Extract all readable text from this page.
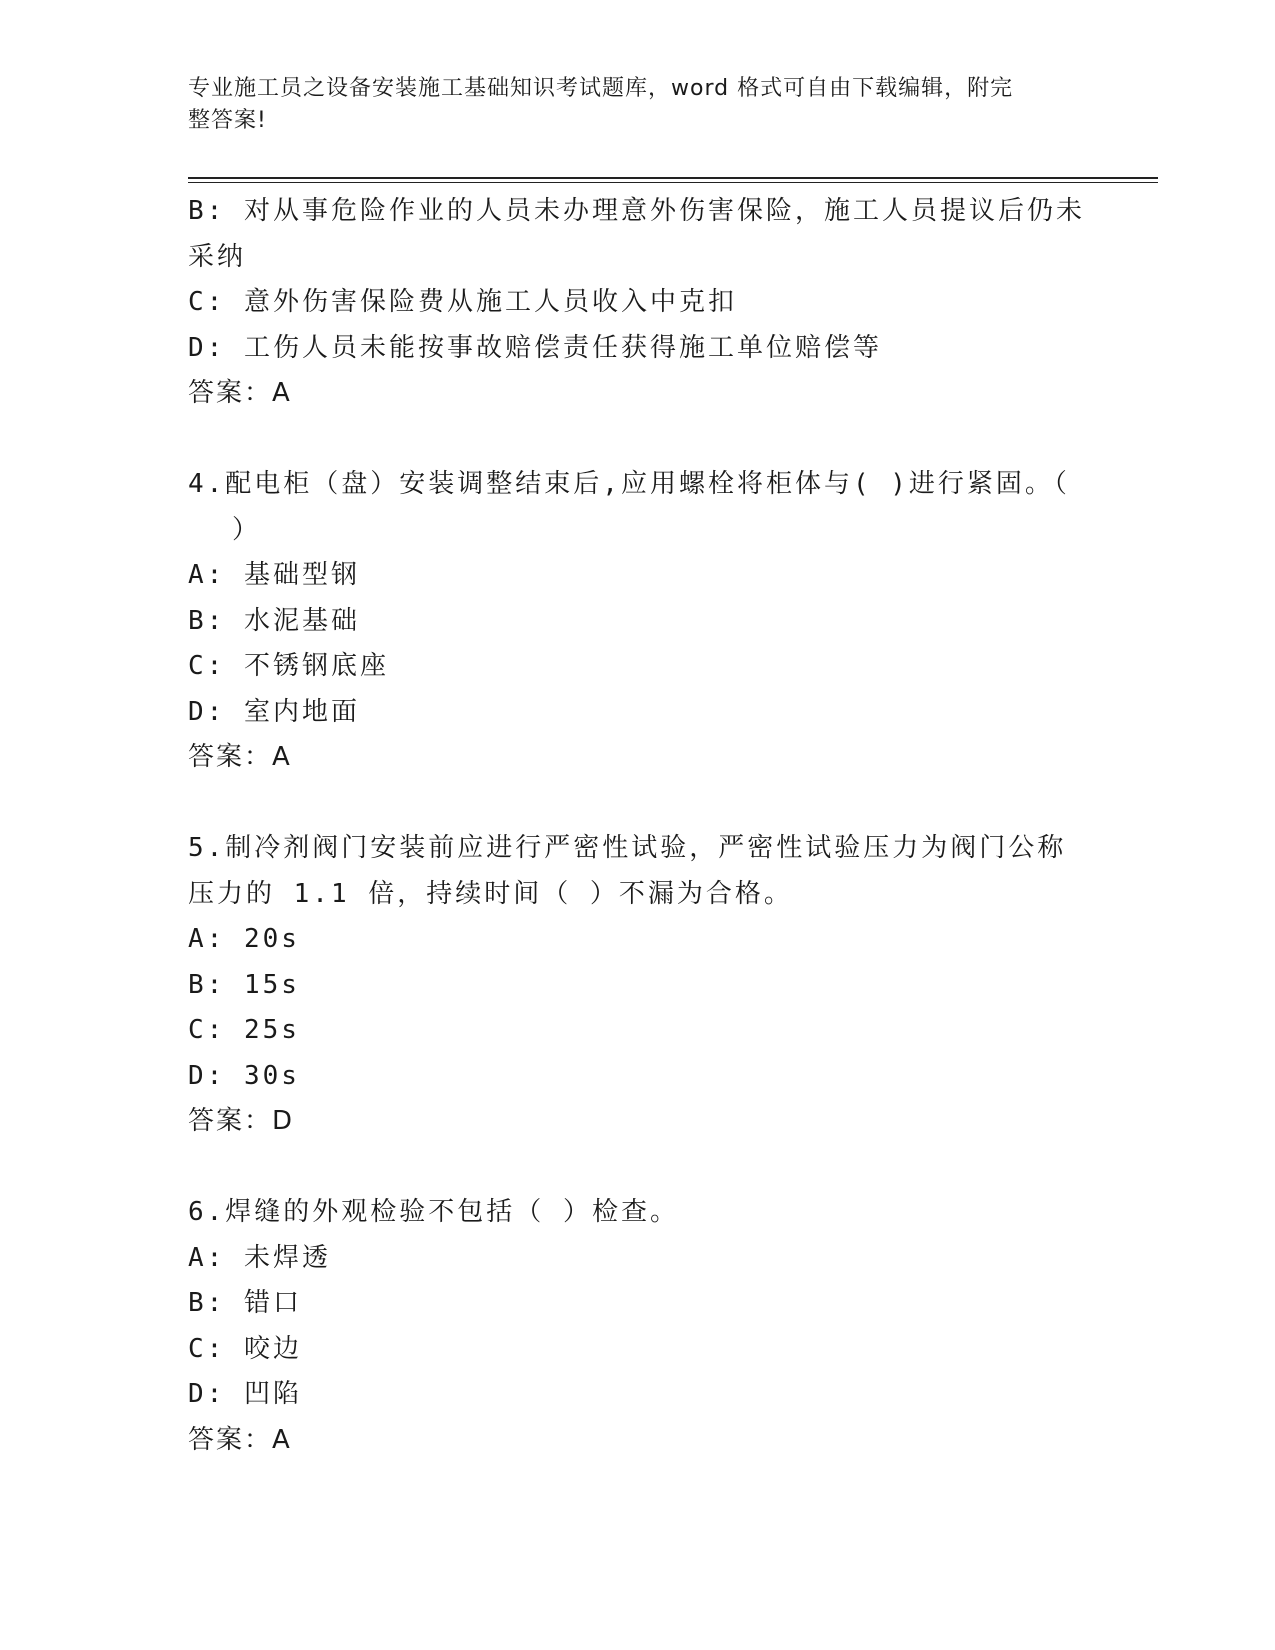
专业施工员之设备安装施工基础知识考试题库，word 格式可自由下载编辑，附完
整答案!
B: 对从事危险作业的人员未办理意外伤害保险，施工人员提议后仍未
采纳
C: 意外伤害保险费从施工人员收入中克扣
D: 工伤人员未能按事故赔偿责任获得施工单位赔偿等
答案：A
4.配电柜（盘）安装调整结束后,应用螺栓将柜体与( )进行紧固。（
）
A: 基础型钢
B: 水泥基础
C: 不锈钢底座
D: 室内地面
答案：A
5.制冷剂阀门安装前应进行严密性试验，严密性试验压力为阀门公称
压力的 1.1 倍，持续时间（ ）不漏为合格。
A: 20s
B: 15s
C: 25s
D: 30s
答案：D
6.焊缝的外观检验不包括（ ）检查。
A: 未焊透
B: 错口
C: 咬边
D: 凹陷
答案：A
